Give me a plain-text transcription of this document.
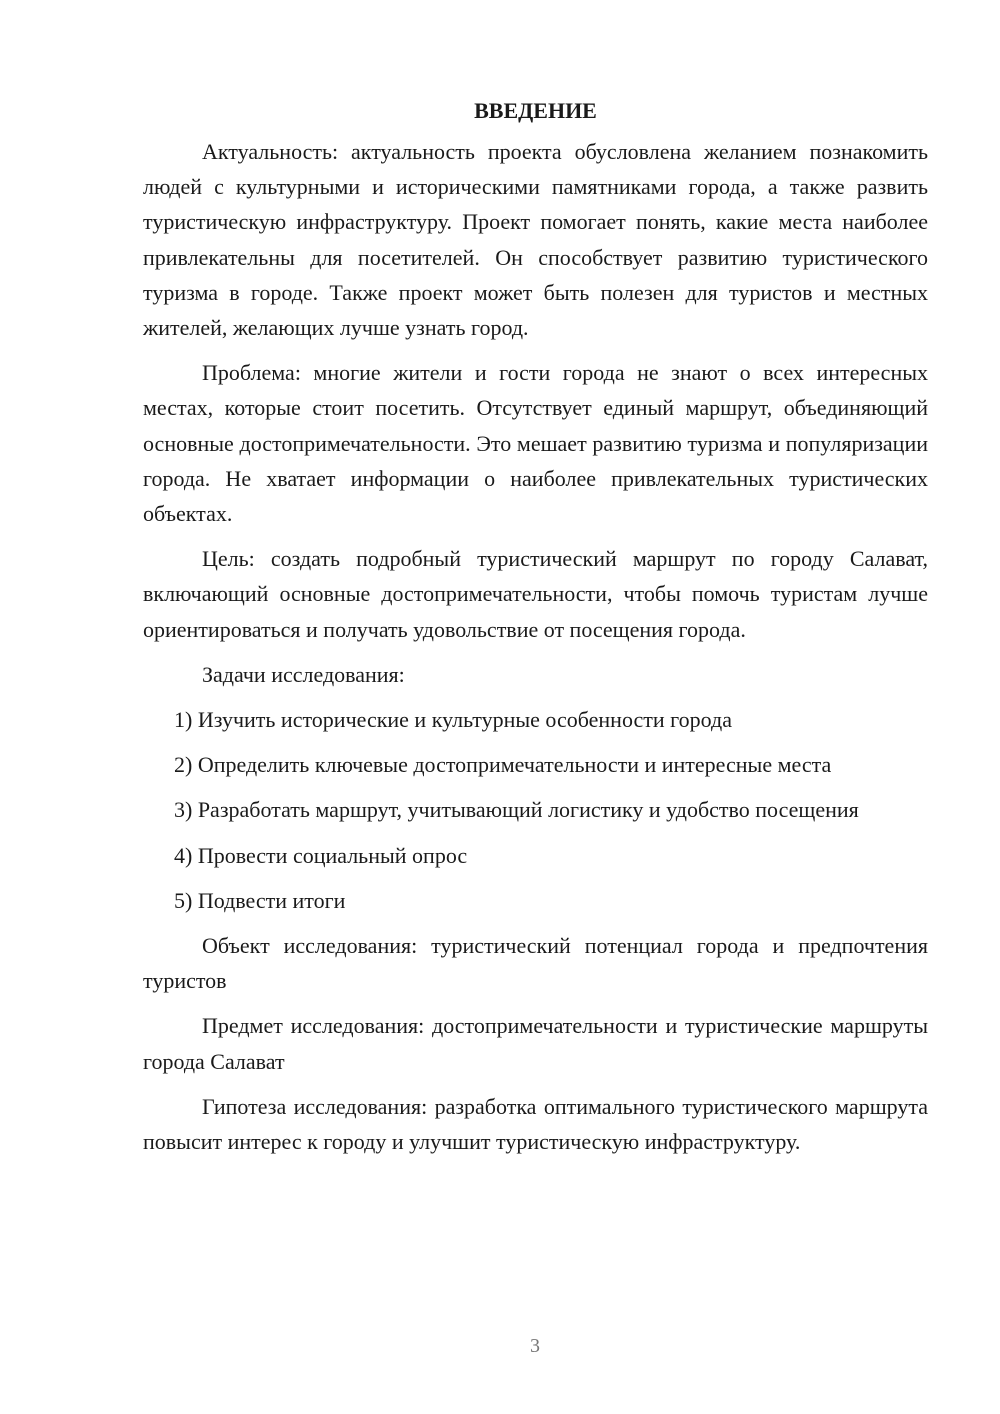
ВВЕДЕНИЕ

Актуальность: актуальность проекта обусловлена желанием познакомить людей с культурными и историческими памятниками города, а также развить туристическую инфраструктуру. Проект помогает понять, какие места наиболее привлекательны для посетителей. Он способствует развитию туристического туризма в городе. Также проект может быть полезен для туристов и местных жителей, желающих лучше узнать город.

Проблема: многие жители и гости города не знают о всех интересных местах, которые стоит посетить. Отсутствует единый маршрут, объединяющий основные достопримечательности. Это мешает развитию туризма и популяризации города. Не хватает информации о наиболее привлекательных туристических объектах.

Цель: создать подробный туристический маршрут по городу Салават, включающий основные достопримечательности, чтобы помочь туристам лучше ориентироваться и получать удовольствие от посещения города.

Задачи исследования:

1) Изучить исторические и культурные особенности города

2) Определить ключевые достопримечательности и интересные места

3) Разработать маршрут, учитывающий логистику и удобство посещения

4) Провести социальный опрос

5) Подвести итоги

Объект исследования: туристический потенциал города и предпочтения туристов

Предмет исследования: достопримечательности и туристические маршруты города Салават

Гипотеза исследования: разработка оптимального туристического маршрута повысит интерес к городу и улучшит туристическую инфраструктуру.

3
